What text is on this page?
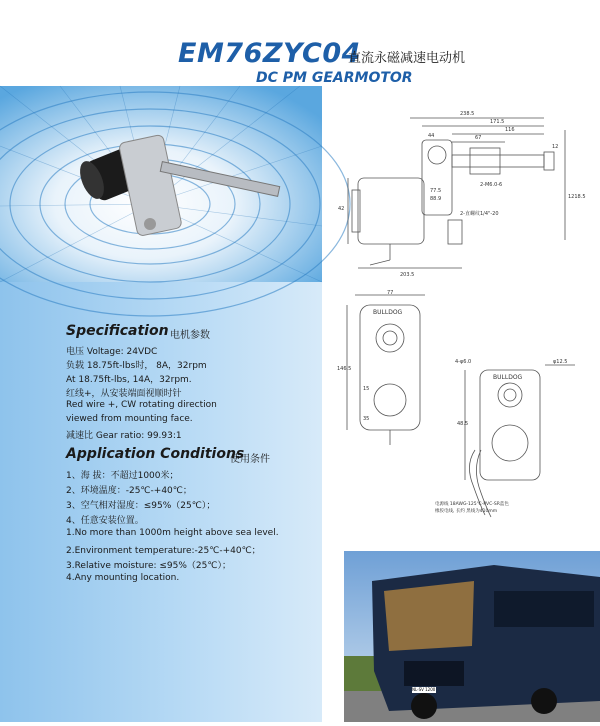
EM76ZYC04
直流永磁减速电动机
DC PM GEARMOTOR
Specification 电机参数
电压 Voltage: 24VDC
负载 18.75ft-lbs时， 8A，32rpm
At 18.75ft-lbs, 14A，32rpm.
红线+，从安装端面视顺时针
Red wire +, CW rotating direction
viewed from mounting face.
减速比 Gear ratio: 99.93:1
Application Conditions
使用条件
1、海 拔：不超过1000米；
2、环境温度：-25℃-+40℃；
3、空气相对湿度：≤95%（25℃）；
4、任意安装位置。
1.No more than 1000m height above sea level.
2.Environment temperature:-25℃-+40℃；
3.Relative moisture: ≤95%（25℃）；
4.Any mounting location.
238.5
171.5
116
67
44
12
77.5
88.9
2-M6.0-6
2-直螺纹1/4"-20
203.5
1218.5
42
BULLDOG
77
146.5
15
35
BULLDOG
4-φ6.0	φ12.5
48.5
电源线 18AWG-125℃-PVC-SR蓝色
橡胶电线, 长约 黑线为410mm
NL-SV 1200
